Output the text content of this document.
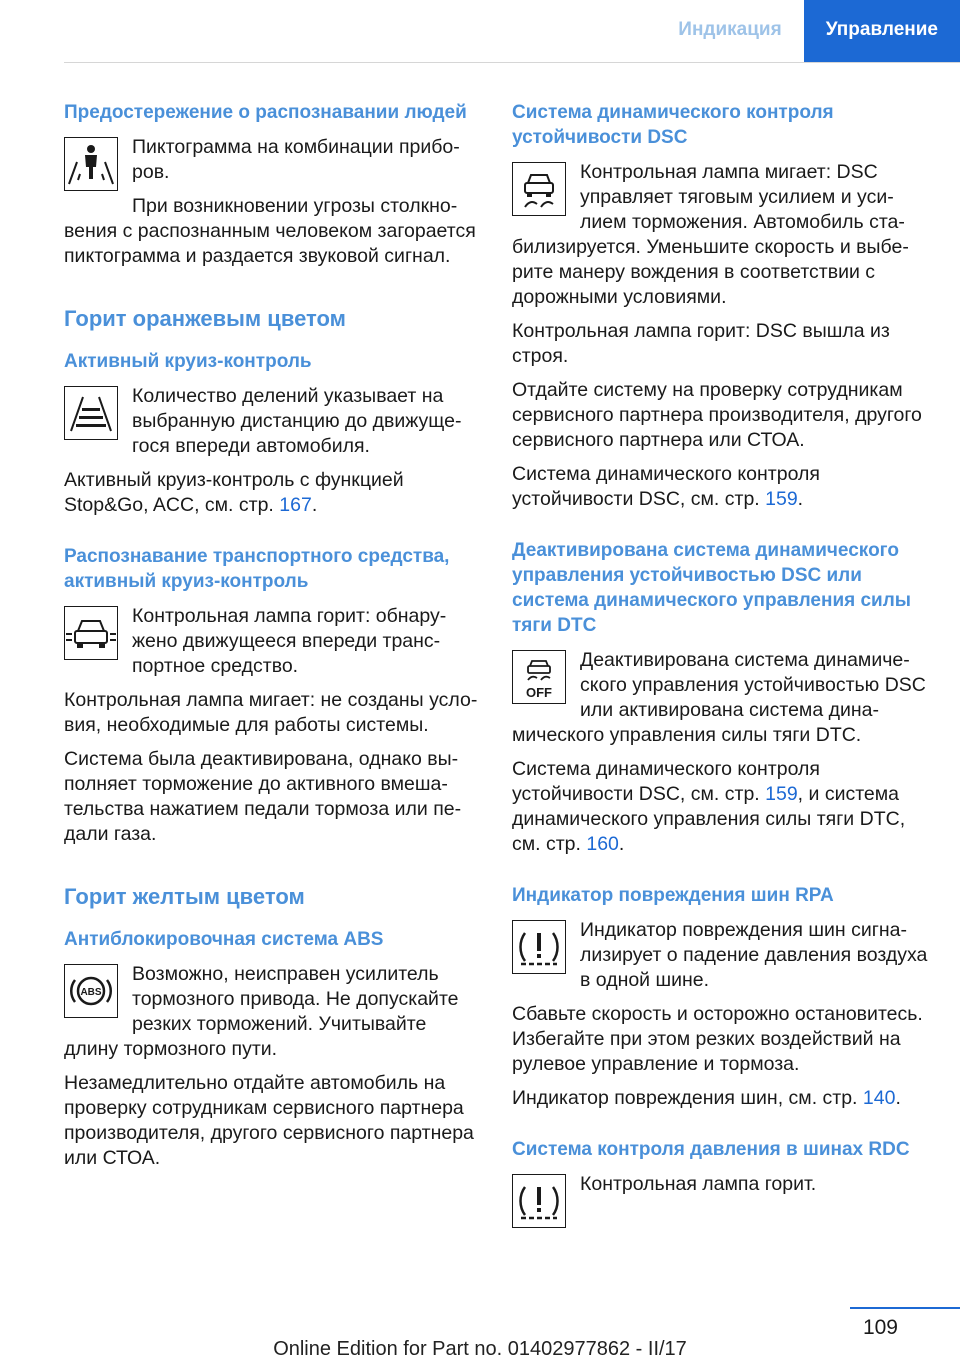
Индикация	Управление
Предостережение о распознавании людей

Пиктограмма на комбинации приборов.

При возникновении угрозы столкновения с распознанным человеком загорается пиктограмма и раздается звуковой сигнал.

Горит оранжевым цветом
Активный круиз-контроль

Количество делений указывает на выбранную дистанцию до движущегося впереди автомобиля.

Активный круиз-контроль с функцией Stop&Go, ACC, см. стр. 167.

Распознавание транспортного средства, активный круиз-контроль

Контрольная лампа горит: обнаружено движущееся впереди транспортное средство.

Контрольная лампа мигает: не созданы условия, необходимые для работы системы.

Система была деактивирована, однако выполняет торможение до активного вмешательства нажатием педали тормоза или педали газа.

Горит желтым цветом
Антиблокировочная система ABS
ABS

Возможно, неисправен усилитель тормозного привода. Не допускайте резких торможений. Учитывайте длину тормозного пути.

Незамедлительно отдайте автомобиль на проверку сотрудникам сервисного партнера производителя, другого сервисного партнера или СТОА.

Система динамического контроля устойчивости DSC

Контрольная лампа мигает: DSC управляет тяговым усилием и усилием торможения. Автомобиль стабилизируется. Уменьшите скорость и выберите манеру вождения в соответствии с дорожными условиями.

Контрольная лампа горит: DSC вышла из строя.

Отдайте систему на проверку сотрудникам сервисного партнера производителя, другого сервисного партнера или СТОА.

Система динамического контроля устойчивости DSC, см. стр. 159.

Деактивирована система динамического управления устойчивостью DSC или система динамического управления силы тяги DTC
OFF

Деактивирована система динамического управления устойчивостью DSC или активирована система динамического управления силы тяги DTC.

Система динамического контроля устойчивости DSC, см. стр. 159, и система динамического управления силы тяги DTC, см. стр. 160.

Индикатор повреждения шин RPA

Индикатор повреждения шин сигнализирует о падение давления воздуха в одной шине.

Сбавьте скорость и осторожно остановитесь. Избегайте при этом резких воздействий на рулевое управление и тормоза.

Индикатор повреждения шин, см. стр. 140.

Система контроля давления в шинах RDC

Контрольная лампа горит.

109
Online Edition for Part no. 01402977862 - II/17
